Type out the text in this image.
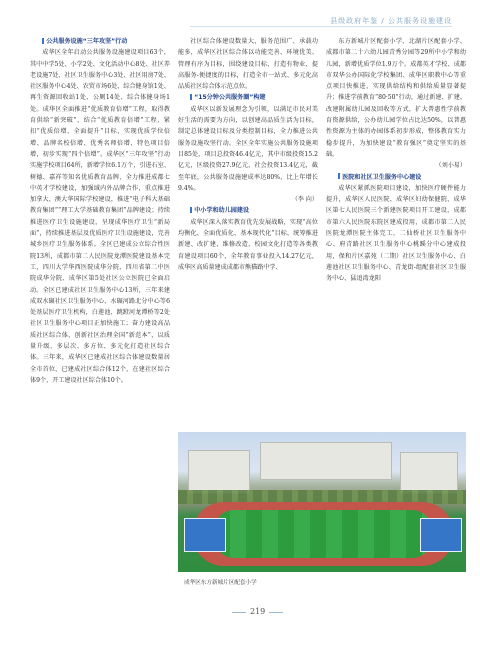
县级政府年鉴 / 公共服务设施建设

公共服务设施“三年攻坚”行动

成华区全年启动公共服务设施建设项目63个，其中中学5处、小学2处、文化活动中心8处、社区养老设施7处、社区卫生服务中心3处、社区用房7处、社区服务中心4处、农贸市场6处、综合健身馆1处、再生资源回收站1处、公厕14处、综合体健身场1处。成华区全面推进“优质教育倍增”工程，取得教育供给“新突破”，结合“优质教育倍增”工程，紧扣“优质倍增、全面提升”目标，实现优质学位倍增、品牌名校倍增、优秀名师倍增、特色项目倍增，初步实现“四个倍增”。成华区“三年攻坚”行动实施学校项目64所，新增学位6.1万个，引进石室、树德、嘉祥等知名优质教育品牌，全力推进成都七中英才学校建设，加强域内外品牌合作，重点推进加拿大、澳大华国际学校建设，推进“电子科大基础教育集团”“理工大学基础教育集团”品牌建设；持续推进医疗卫生设施建设，呈现成华医疗卫生“新局面”，持续推进基层及优质医疗卫生设施建设，完善城乡医疗卫生服务体系。全区已建成公立综合性医院13所，成都市第二人民医院龙潭医院建设基本完工，四川大学华西医院成华分院、四川省第二中医院成华分院、成华区第5处社区公立医院已全面启动。全区已建成社区卫生服务中心13所，三年来建成双水碾社区卫生服务中心、水碾河路北分中心等6处基层医疗卫生机构，白莲池、跳蹬河龙潭桥等2处社区卫生服务中心项目正加快施工；奋力建设高品质社区综合体，创新社区治理全国“新范本”，以质量升级、多层次、多方位、多元化打造社区综合体。三年来，成华区已建成社区综合体建设数量居全市首位，已建成社区综合体12个，在建社区综合体9个，开工建设社区综合体10个。

社区综合体建设数量大，服务范围广、承载功能多，成华区社区综合体以功能完善、环境优美、管理有序为目标，围绕建设目标、打造有物业、提高服务-便捷度的目标，打造全市一站式、多元化高品质社区综合体示范点位。

“15分钟公共服务圈”构建

成华区以新发展理念为引领，以满足市民对美好生活的需要为方向，以创建高品质生活为目标，制定总体建设目标及分类控制目标，全力推进公共服务设施攻坚行动。全区全年实施公共服务设施项目85处，项目总投资46.4亿元，其中市级投资15.2亿元，区级投资27.9亿元，社会投资13.4亿元，截至年底，公共服务设施建成率达80%，比上年增长9.4%。

（李 向）

中小学和幼儿园建设

成华区深入落实教育优先发展战略，实现“高位均衡化、全面优质化、基本现代化”目标，统筹推进新建、改扩建、维修改造，校园文化打造等各类教育建设项目60个，全年教育事业投入14.27亿元，成华区高质量建成成都市熊猫路中学、

东方新城片区配套小学、北湖片区配套小学、成都市第二十六幼儿园青秀分园等29所中小学和幼儿园，新增优质学位1.9万个。成都英才学校、成都市双华公办国际化学校集团、成华区职教中心等重点项目快推进，实现供给结构和供给质量显著提升；推进学前教育“80·50”行动，通过新建、扩建、改建附属幼儿园及回收等方式，扩大普惠性学前教育资源供给，公办幼儿园学位占比达50%，以普惠性资源为主体的办园体系初步形成，整体教育实力稳步提升，为加快建设“教育强区”奠定坚实的基础。

（刘小易）

医院和社区卫生服务中心建设

成华区紧抓医院项目建设，加快医疗硬件能力提升，成华区人民医院、成华区妇幼保健院、成华区第七人民医院三个新建医院项目开工建设，成都市第六人民医院东院区建成投用，成都市第二人民医院龙潭医院主体完工，二仙桥社区卫生服务中心、府青路社区卫生服务中心桃蹊分中心建成投用，保和片区嘉苑（二期）社区卫生服务中心、白莲池社区卫生服务中心、青龙街-组配套社区卫生服务中心、猛追湾龙阳

成华区东方新城片区配套小学
219
